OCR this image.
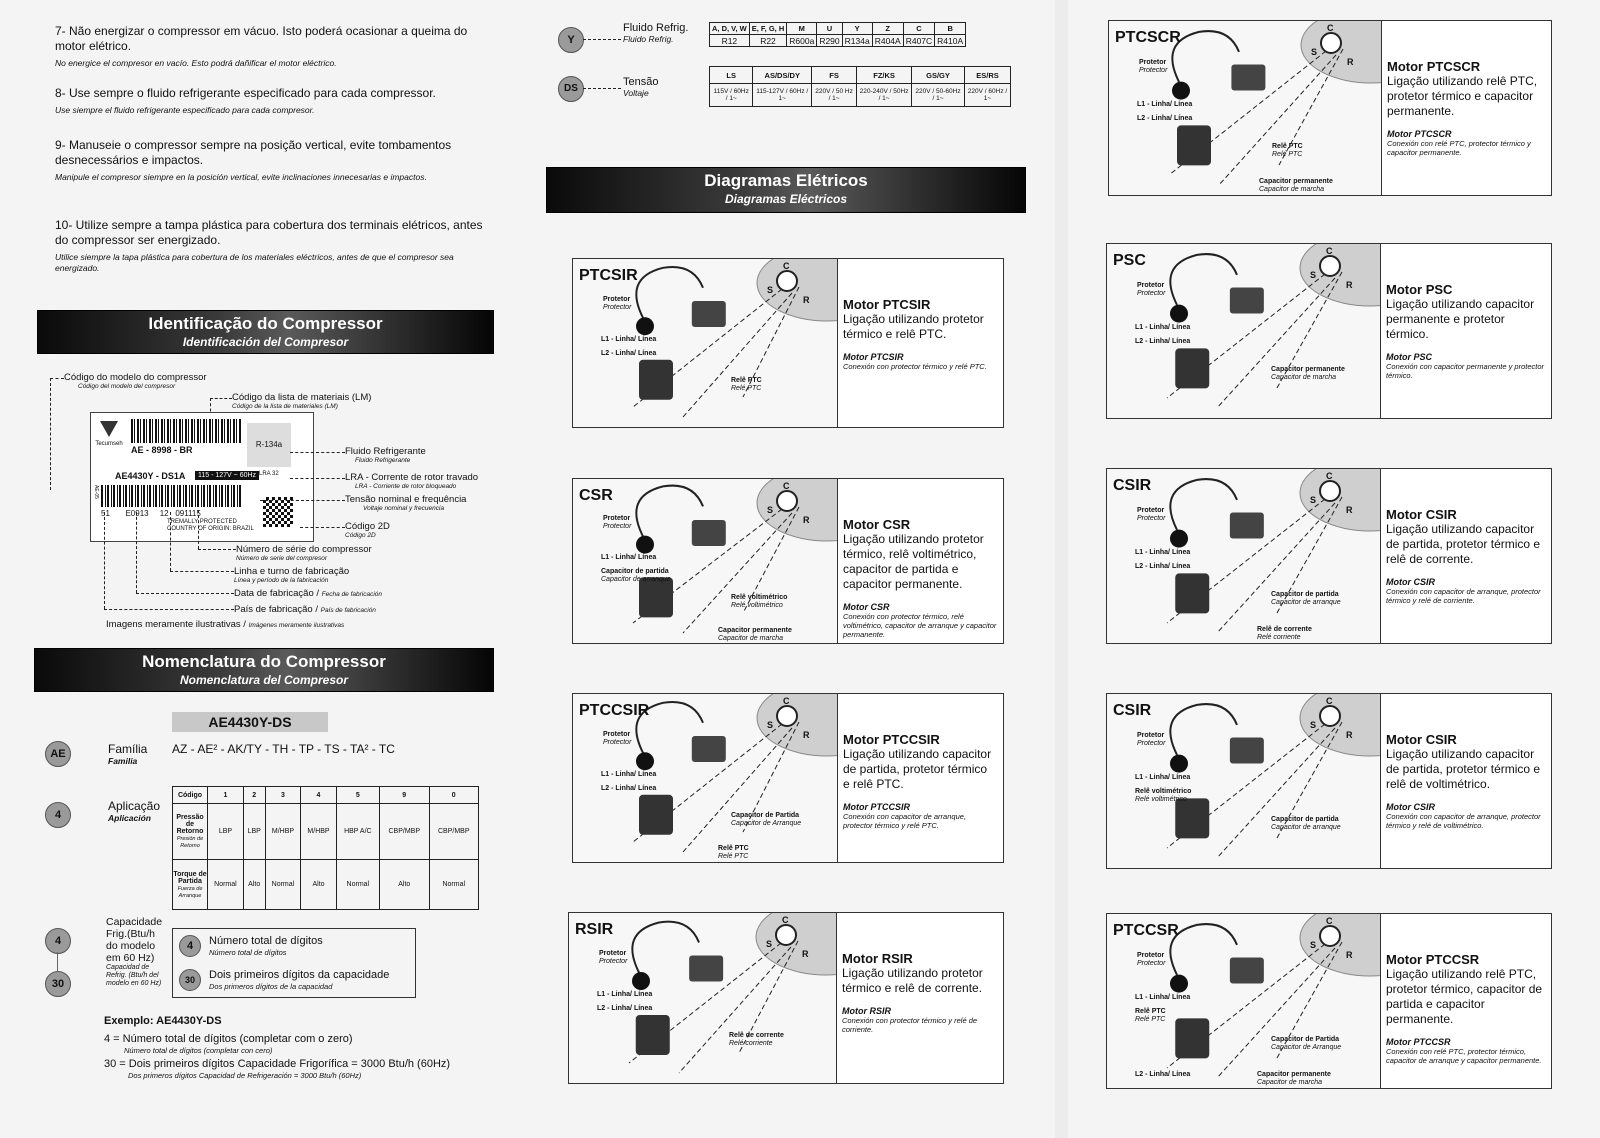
7- Não energizar o compressor em vácuo. Isto poderá ocasionar a queima do motor elétrico.
No energice el compresor en vacío. Esto podrá dañificar el motor eléctrico.
8- Use sempre o fluido refrigerante especificado para cada compressor.
Use siempre el fluido refrigerante especificado para cada compresor.
9- Manuseie o compressor sempre na posição vertical, evite tombamentos desnecessários e impactos.
Manipule el compresor siempre en la posición vertical, evite inclinaciones innecesarias e impactos.
10- Utilize sempre a tampa plástica para cobertura dos terminais elétricos, antes do compressor ser energizado.
Utilice siempre la tapa plástica para cobertura de los materiales eléctricos, antes de que el compresor sea energizado.
Identificação do Compressor
Identificación del Compresor
Código do modelo do compressor
Código del modelo del compresor
Código da lista de materiais (LM)
Código de la lista de materiales (LM)
Tecumseh
AE - 8998 - BR
R-134a
AE4430Y - DS1A	115 - 127V ~ 60Hz LRA 32
AE-05
51 E0913 12 091115
TREMALLY PROTECTED
COUNTRY OF ORIGIN: BRAZIL
Fluido Refrigerante
Fluido Refrigerante
LRA - Corrente de rotor travado
LRA - Corriente de rotor bloqueado
Tensão nominal e frequência
Voltaje nominal y frecuencia
Código 2D
Código 2D
Número de série do compressor
Número de serie del compresor
Linha e turno de fabricação
Línea y período de la fabricación
Data de fabricação / Fecha de fabricación
País de fabricação / País de fabricación
Imagens meramente ilustrativas / Imágenes meramente ilustrativas
Nomenclatura do Compressor
Nomenclatura del Compresor
AE4430Y-DS
AE	Família
Familia
AZ - AE² - AK/TY - TH - TP - TS - TA² - TC
4
Aplicação
Aplicación
Código	1	2	3	4	5	9	0
Pressão de Retorno
Presión de Retorno	LBP	LBP	M/HBP	M/HBP	HBP A/C	CBP/MBP	CBP/MBP
Torque de Partida
Fuerza de Arranque	Normal	Alto	Normal	Alto	Normal	Alto	Normal
4
30
Capacidade Frig.(Btu/h do modelo em 60 Hz)
Capacidad de Refrig. (Btu/h del modelo en 60 Hz)
4	Número total de dígitos
Número total de dígitos
30	Dois primeiros dígitos da capacidade
Dos primeros dígitos de la capacidad
Exemplo: AE4430Y-DS
4 = Número total de dígitos (completar com o zero)
Número total de dígitos (completar con cero)
30 = Dois primeiros dígitos Capacidade Frigorífica = 3000 Btu/h (60Hz)
Dos primeros dígitos Capacidad de Refrigeración = 3000 Btu/h (60Hz)
Y
Fluido Refrig.
Fluido Refrig.
A, D, V, W	E, F, G, H	M	U	Y	Z	C	B
R12	R22	R600a	R290	R134a	R404A	R407C	R410A
DS
Tensão
Voltaje
LS	AS/DS/DY	FS	FZ/KS	GS/GY	ES/RS
115V / 60Hz / 1~	115-127V / 60Hz / 1~	220V / 50 Hz / 1~	220-240V / 50Hz / 1~	220V / 50-60Hz / 1~	220V / 60Hz / 1~
Diagramas Elétricos
Diagramas Eléctricos
PTCSIR
C
S
R
Protetor
Protector
L1 - Linha/ Línea
L2 - Linha/ Línea
Relê PTC
Relé PTC
Motor PTCSIR
Ligação utilizando protetor térmico e relê PTC.
Motor PTCSIR
Conexión con protector térmico y relé PTC.
CSR
C
S
R
Protetor
Protector
L1 - Linha/ Línea
Capacitor de partida
Capacitor de arranque
Relê voltimétrico
Relé voltimétrico
Capacitor permanente
Capacitor de marcha
Motor CSR
Ligação utilizando protetor térmico, relê voltimétrico, capacitor de partida e capacitor permanente.
Motor CSR
Conexión con protector térmico, relé voltimétrico, capacitor de arranque y capacitor permanente.
PTCCSIR
C
S
R
Protetor
Protector
L1 - Linha/ Línea
L2 - Linha/ Línea
Capacitor de Partida
Capacitor de Arranque
Relê PTC
Relé PTC
Motor PTCCSIR
Ligação utilizando capacitor de partida, protetor térmico e relê PTC.
Motor PTCCSIR
Conexión con capacitor de arranque, protector térmico y relé PTC.
RSIR
C
S
R
Protetor
Protector
L1 - Linha/ Línea
L2 - Linha/ Línea
Relê de corrente
Relé corriente
Motor RSIR
Ligação utilizando protetor térmico e relê de corrente.
Motor RSIR
Conexión con protector térmico y relé de corriente.
PTCSCR
C
S
R
Protetor
Protector
L1 - Linha/ Línea
L2 - Linha/ Línea
Relê PTC
Relé PTC
Capacitor permanente
Capacitor de marcha
Motor PTCSCR
Ligação utilizando relê PTC, protetor térmico e capacitor permanente.
Motor PTCSCR
Conexión con relé PTC, protector térmico y capacitor permanente.
PSC
C
S
R
Protetor
Protector
L1 - Linha/ Línea
L2 - Linha/ Línea
Capacitor permanente
Capacitor de marcha
Motor PSC
Ligação utilizando capacitor permanente e protetor térmico.
Motor PSC
Conexión con capacitor permanente y protector térmico.
CSIR
C
S
R
Protetor
Protector
L1 - Linha/ Línea
L2 - Linha/ Línea
Capacitor de partida
Capacitor de arranque
Relê de corrente
Relé corriente
Motor CSIR
Ligação utilizando capacitor de partida, protetor térmico e relê de corrente.
Motor CSIR
Conexión con capacitor de arranque, protector térmico y relé de corriente.
CSIR
C
S
R
Protetor
Protector
L1 - Linha/ Línea
Relê voltimétrico
Relé voltimétrico
Capacitor de partida
Capacitor de arranque
Motor CSIR
Ligação utilizando capacitor de partida, protetor térmico e relê de voltimétrico.
Motor CSIR
Conexión con capacitor de arranque, protector térmico y relé de voltimétrico.
PTCCSR
C
S
R
Protetor
Protector
L1 - Linha/ Línea
Relê PTC
Relé PTC
Capacitor de Partida
Capacitor de Arranque
Capacitor permanente
Capacitor de marcha
L2 - Linha/ Línea
Motor PTCCSR
Ligação utilizando relê PTC, protetor térmico, capacitor de partida e capacitor permanente.
Motor PTCCSR
Conexión con relé PTC, protector térmico, capacitor de arranque y capacitor permanente.
